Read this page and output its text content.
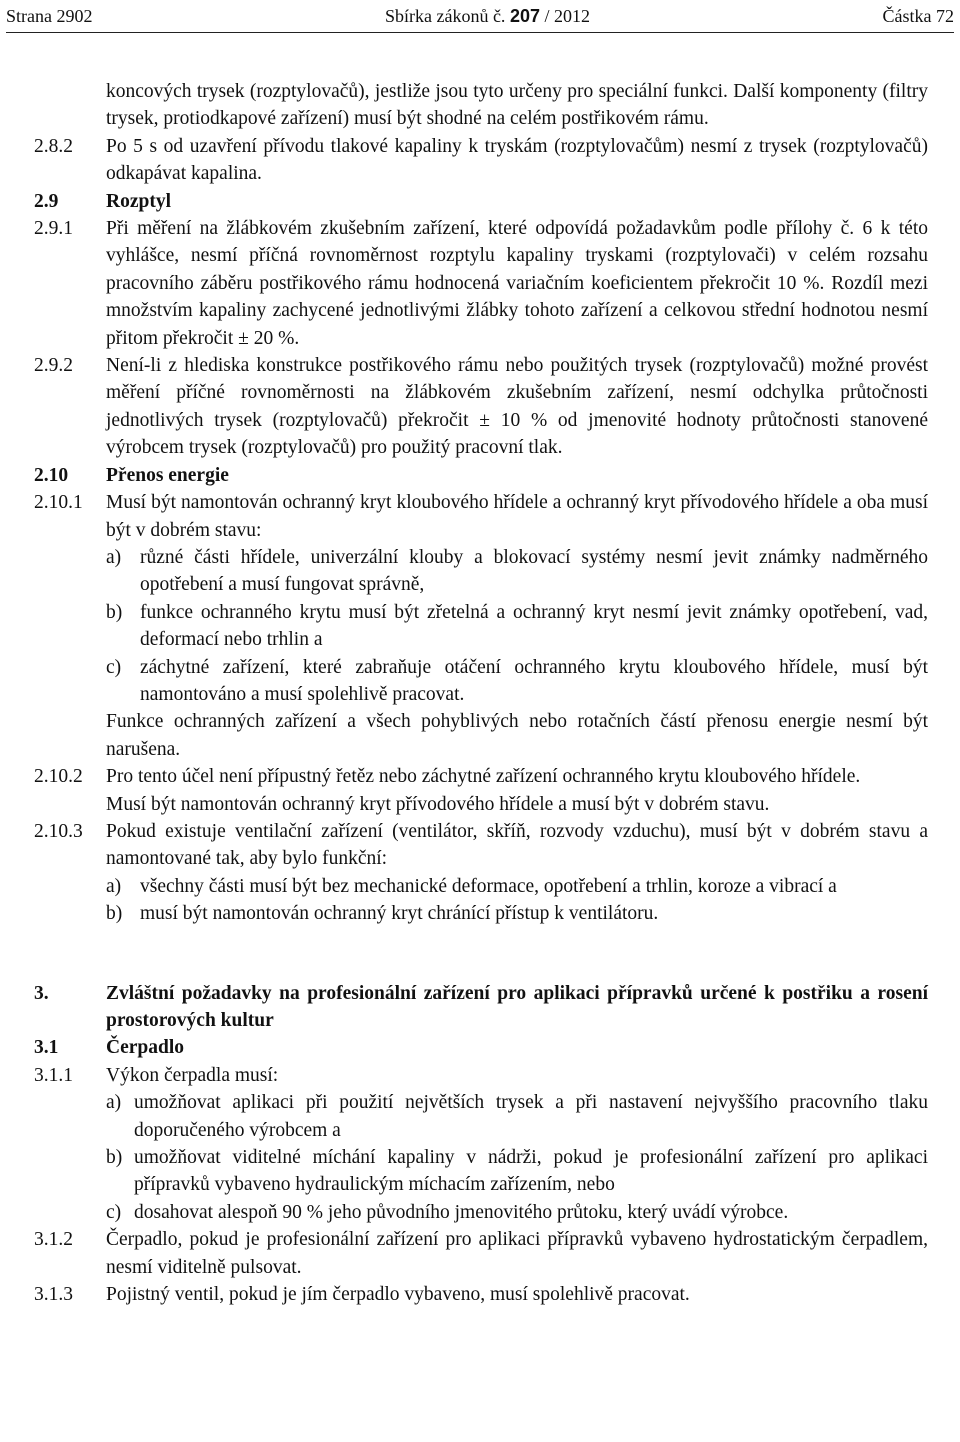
Strana 2902	Sbírka zákonů č. 207 / 2012	Částka 72
koncových trysek (rozptylovačů), jestliže jsou tyto určeny pro speciální funkci. Další komponenty (filtry trysek, protiodkapové zařízení) musí být shodné na celém postřikovém rámu.
2.8.2	Po 5 s od uzavření přívodu tlakové kapaliny k tryskám (rozptylovačům) nesmí z trysek (rozptylovačů) odkapávat kapalina.
2.9	Rozptyl
2.9.1	Při měření na žlábkovém zkušebním zařízení, které odpovídá požadavkům podle přílohy č. 6 k této vyhlášce, nesmí příčná rovnoměrnost rozptylu kapaliny tryskami (rozptylovači) v celém rozsahu pracovního záběru postřikového rámu hodnocená variačním koeficientem překročit 10 %. Rozdíl mezi množstvím kapaliny zachycené jednotlivými žlábky tohoto zařízení a celkovou střední hodnotou nesmí přitom překročit ± 20 %.
2.9.2	Není-li z hlediska konstrukce postřikového rámu nebo použitých trysek (rozptylovačů) možné provést měření příčné rovnoměrnosti na žlábkovém zkušebním zařízení, nesmí odchylka průtočnosti jednotlivých trysek (rozptylovačů) překročit ± 10 % od jmenovité hodnoty průtočnosti stanovené výrobcem trysek (rozptylovačů) pro použitý pracovní tlak.
2.10	Přenos energie
2.10.1	Musí být namontován ochranný kryt kloubového hřídele a ochranný kryt přívodového hřídele a oba musí být v dobrém stavu:
a) různé části hřídele, univerzální klouby a blokovací systémy nesmí jevit známky nadměrného opotřebení a musí fungovat správně,
b) funkce ochranného krytu musí být zřetelná a ochranný kryt nesmí jevit známky opotřebení, vad, deformací nebo trhlin a
c) záchytné zařízení, které zabraňuje otáčení ochranného krytu kloubového hřídele, musí být namontováno a musí spolehlivě pracovat.
Funkce ochranných zařízení a všech pohyblivých nebo rotačních částí přenosu energie nesmí být narušena.
2.10.2	Pro tento účel není přípustný řetěz nebo záchytné zařízení ochranného krytu kloubového hřídele.
Musí být namontován ochranný kryt přívodového hřídele a musí být v dobrém stavu.
2.10.3	Pokud existuje ventilační zařízení (ventilátor, skříň, rozvody vzduchu), musí být v dobrém stavu a namontované tak, aby bylo funkční:
a) všechny části musí být bez mechanické deformace, opotřebení a trhlin, koroze a vibrací a
b) musí být namontován ochranný kryt chránící přístup k ventilátoru.
3.	Zvláštní požadavky na profesionální zařízení pro aplikaci přípravků určené k postřiku a rosení prostorových kultur
3.1	Čerpadlo
3.1.1	Výkon čerpadla musí:
a) umožňovat aplikaci při použití největších trysek a při nastavení nejvyššího pracovního tlaku doporučeného výrobcem a
b) umožňovat viditelné míchání kapaliny v nádrži, pokud je profesionální zařízení pro aplikaci přípravků vybaveno hydraulickým míchacím zařízením, nebo
c) dosahovat alespoň 90 % jeho původního jmenovitého průtoku, který uvádí výrobce.
3.1.2	Čerpadlo, pokud je profesionální zařízení pro aplikaci přípravků vybaveno hydrostatickým čerpadlem, nesmí viditelně pulsovat.
3.1.3	Pojistný ventil, pokud je jím čerpadlo vybaveno, musí spolehlivě pracovat.
